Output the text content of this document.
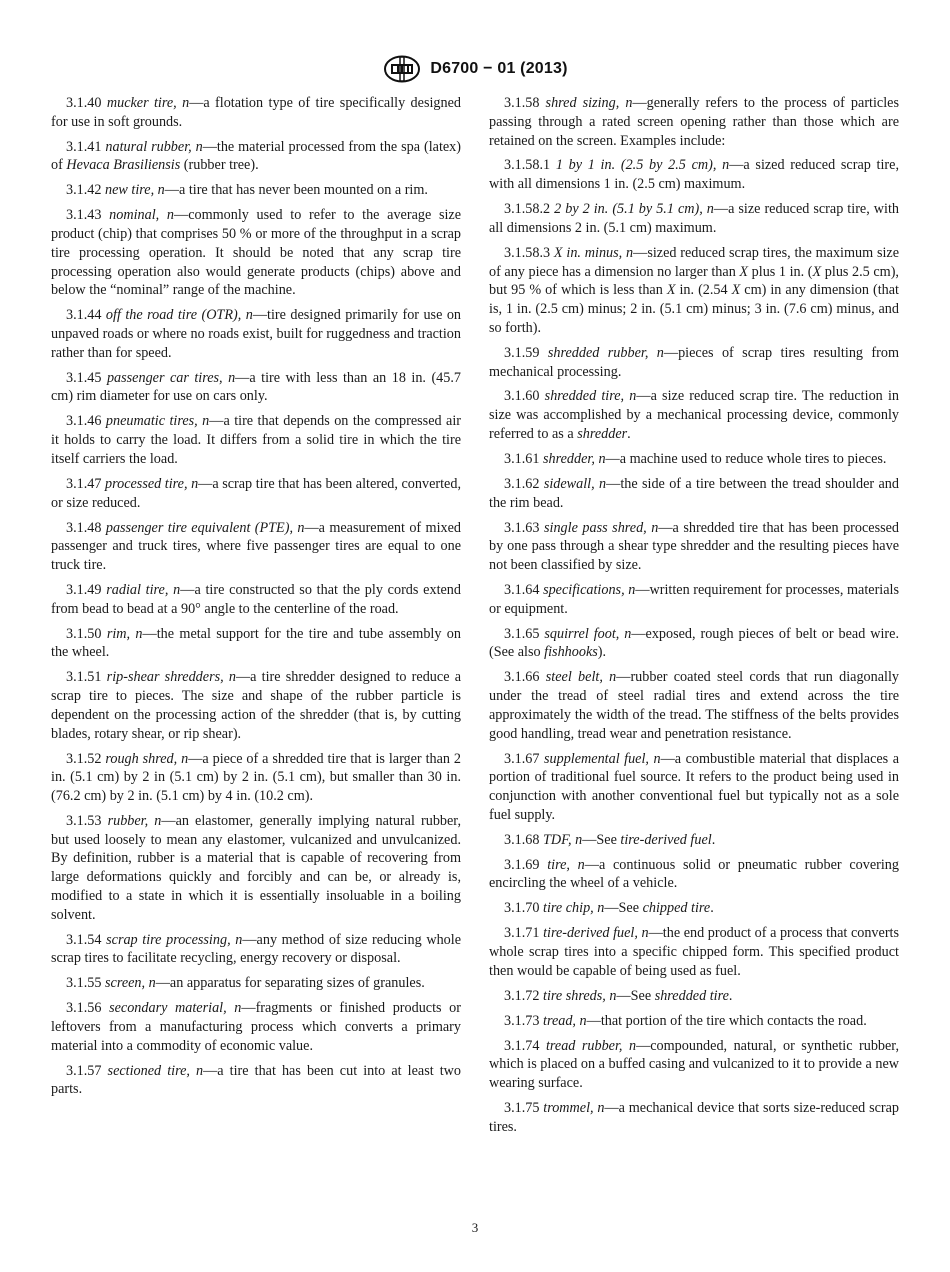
D6700 − 01 (2013)

3.1.40 mucker tire, n—a flotation type of tire specifically designed for use in soft grounds.

3.1.41 natural rubber, n—the material processed from the spa (latex) of Hevaca Brasiliensis (rubber tree).

3.1.42 new tire, n—a tire that has never been mounted on a rim.

3.1.43 nominal, n—commonly used to refer to the average size product (chip) that comprises 50 % or more of the throughput in a scrap tire processing operation. It should be noted that any scrap tire processing operation also would generate products (chips) above and below the “nominal” range of the machine.

3.1.44 off the road tire (OTR), n—tire designed primarily for use on unpaved roads or where no roads exist, built for ruggedness and traction rather than for speed.

3.1.45 passenger car tires, n—a tire with less than an 18 in. (45.7 cm) rim diameter for use on cars only.

3.1.46 pneumatic tires, n—a tire that depends on the compressed air it holds to carry the load. It differs from a solid tire in which the tire itself carriers the load.

3.1.47 processed tire, n—a scrap tire that has been altered, converted, or size reduced.

3.1.48 passenger tire equivalent (PTE), n—a measurement of mixed passenger and truck tires, where five passenger tires are equal to one truck tire.

3.1.49 radial tire, n—a tire constructed so that the ply cords extend from bead to bead at a 90° angle to the centerline of the road.

3.1.50 rim, n—the metal support for the tire and tube assembly on the wheel.

3.1.51 rip-shear shredders, n—a tire shredder designed to reduce a scrap tire to pieces. The size and shape of the rubber particle is dependent on the processing action of the shredder (that is, by cutting blades, rotary shear, or rip shear).

3.1.52 rough shred, n—a piece of a shredded tire that is larger than 2 in. (5.1 cm) by 2 in (5.1 cm) by 2 in. (5.1 cm), but smaller than 30 in. (76.2 cm) by 2 in. (5.1 cm) by 4 in. (10.2 cm).

3.1.53 rubber, n—an elastomer, generally implying natural rubber, but used loosely to mean any elastomer, vulcanized and unvulcanized. By definition, rubber is a material that is capable of recovering from large deformations quickly and forcibly and can be, or already is, modified to a state in which it is essentially insoluable in a boiling solvent.

3.1.54 scrap tire processing, n—any method of size reducing whole scrap tires to facilitate recycling, energy recovery or disposal.

3.1.55 screen, n—an apparatus for separating sizes of granules.

3.1.56 secondary material, n—fragments or finished products or leftovers from a manufacturing process which converts a primary material into a commodity of economic value.

3.1.57 sectioned tire, n—a tire that has been cut into at least two parts.

3.1.58 shred sizing, n—generally refers to the process of particles passing through a rated screen opening rather than those which are retained on the screen. Examples include:

3.1.58.1 1 by 1 in. (2.5 by 2.5 cm), n—a sized reduced scrap tire, with all dimensions 1 in. (2.5 cm) maximum.

3.1.58.2 2 by 2 in. (5.1 by 5.1 cm), n—a size reduced scrap tire, with all dimensions 2 in. (5.1 cm) maximum.

3.1.58.3 X in. minus, n—sized reduced scrap tires, the maximum size of any piece has a dimension no larger than X plus 1 in. (X plus 2.5 cm), but 95 % of which is less than X in. (2.54 X cm) in any dimension (that is, 1 in. (2.5 cm) minus; 2 in. (5.1 cm) minus; 3 in. (7.6 cm) minus, and so forth).

3.1.59 shredded rubber, n—pieces of scrap tires resulting from mechanical processing.

3.1.60 shredded tire, n—a size reduced scrap tire. The reduction in size was accomplished by a mechanical processing device, commonly referred to as a shredder.

3.1.61 shredder, n—a machine used to reduce whole tires to pieces.

3.1.62 sidewall, n—the side of a tire between the tread shoulder and the rim bead.

3.1.63 single pass shred, n—a shredded tire that has been processed by one pass through a shear type shredder and the resulting pieces have not been classified by size.

3.1.64 specifications, n—written requirement for processes, materials or equipment.

3.1.65 squirrel foot, n—exposed, rough pieces of belt or bead wire. (See also fishhooks).

3.1.66 steel belt, n—rubber coated steel cords that run diagonally under the tread of steel radial tires and extend across the tire approximately the width of the tread. The stiffness of the belts provides good handling, tread wear and penetration resistance.

3.1.67 supplemental fuel, n—a combustible material that displaces a portion of traditional fuel source. It refers to the product being used in conjunction with another conventional fuel but typically not as a sole fuel supply.

3.1.68 TDF, n—See tire-derived fuel.

3.1.69 tire, n—a continuous solid or pneumatic rubber covering encircling the wheel of a vehicle.

3.1.70 tire chip, n—See chipped tire.

3.1.71 tire-derived fuel, n—the end product of a process that converts whole scrap tires into a specific chipped form. This specified product then would be capable of being used as fuel.

3.1.72 tire shreds, n—See shredded tire.

3.1.73 tread, n—that portion of the tire which contacts the road.

3.1.74 tread rubber, n—compounded, natural, or synthetic rubber, which is placed on a buffed casing and vulcanized to it to provide a new wearing surface.

3.1.75 trommel, n—a mechanical device that sorts size-reduced scrap tires.

3
